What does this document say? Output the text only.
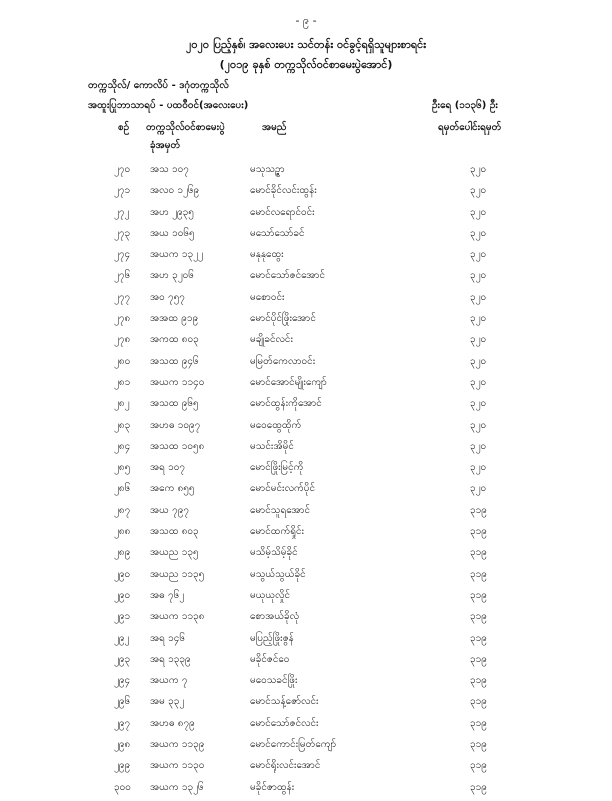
- ၉ -
၂၀၂၀ ပြည့်နှစ်၊ အလေးပေး သင်တန်း ဝင်ခွင့်ရရှိသူများစာရင်း
(၂၀၁၉ ခုနှစ် တက္ကသိုလ်ဝင်စာမေးပွဲအောင်)
တက္ကသိုလ်/ ကောလိပ် - ဒဂုံတက္ကသိုလ်
အထူးပြုဘာသာရပ် - ပထဝီဝင်(အလေးပေး)	ဦးရေ (၁၁၃၆) ဦး
စဉ် တက္ကသိုလ်ဝင်စာမေးပွဲ
ခုံအမှတ်
အမည်	ရမှတ်ပေါင်းရမှတ်
၂၇၀ အသ ၁၀၇	မသုသဥ္ဇာ	၃၂၀
၂၇၁ အလဝ ၁၂၆၉	မောင်ခိုင်လင်းထွန်း	၃၂၀
၂၇၂ အဟ ၂၉၃၅	မောင်လရောင်ဝင်း	၃၂၀
၂၇၃ အယ ၁၀၆၅	မသော်သော်ခင်	၃၂၀
၂၇၄ အယက ၁၃၂၂	မနုနုထွေး	၃၂၀
၂၇၆ အဟ ၃၂၀၆	မောင်သော်ဇင်အောင်	၃၂၀
၂၇၇ အဝ ၇၅၇	မစောဝင်း	၃၂၀
၂၇၈ အအထ ၉၁၉	မောင်ပိုင်ဖြိုးအောင်	၃၂၀
၂၇၈ အကထ ၈၀၃	မချိုခင်လင်း	၃၂၀
၂၈၀ အသထ ၉၄၆	မမြတ်ကေလာဝင်း	၃၂၀
၂၈၁ အယက ၁၁၄၀	မောင်အောင်မျိုးကျော်	၃၂၀
၂၈၂ အသထ ၉၆၅	မောင်ထွန်းကိုအောင်	၃၂၀
၂၈၃ အဟဓ ၁၀၉၇	မဝေထွေထိုက်	၃၂၀
၂၈၄ အသထ ၁၀၅၈	မသင်းအိမိုင်	၃၂၀
၂၈၅ အရ ၁၀၇	မောင်ဖြိုးမြင့်ကို	၃၂၀
၂၈၆ အကေ ၈၅၅	မောင်မင်းလက်ပိုင်	၃၂၀
၂၈၇ အယ ၇၉၇	မောင်သူရအောင်	၃၁၉
၂၈၈ အသထ ၈၀၃	မောင်ထက်ရှိုင်း	၃၁၉
၂၈၉ အယည ၁၃၅	မသိမ့်သိမ့်ခိုင်	၃၁၉
၂၉၀ အယည ၁၁၃၅	မသွယ်သွယ်ခိုင်	၃၁၉
၂၉၀ အဓ ၇၆၂	မယုယုလှိုင်	၃၁၉
၂၉၁ အယက ၁၁၃၈	စောအယ်ခိုလုံ	၃၁၉
၂၉၂ အရ ၁၄၆	မပြည့်ဖြိုးဇွန်	၃၁၉
၂၉၃ အရ ၁၃၃၉	မခိုင်ဇင်ဝေ	၃၁၉
၂၉၄ အယက ၇	မဝေသခင်ဖြိုး	၃၁၉
၂၉၆ အမ ၃၃၂	မောင်သန့်ဇော်လင်း	၃၁၉
၂၉၇ အဟဓ ၈၇၉	မောင်သော်ဇင်လင်း	၃၁၉
၂၉၈ အယက ၁၁၃၉	မောင်ကောင်းမြတ်ကျော်	၃၁၉
၂၉၉ အယက ၁၁၃၀	မောင်ရိုးလင်းအောင်	၃၁၉
၃၀၀ အယက ၁၃၂၆	မခိုင်ဇာထွန်း	၃၁၉
